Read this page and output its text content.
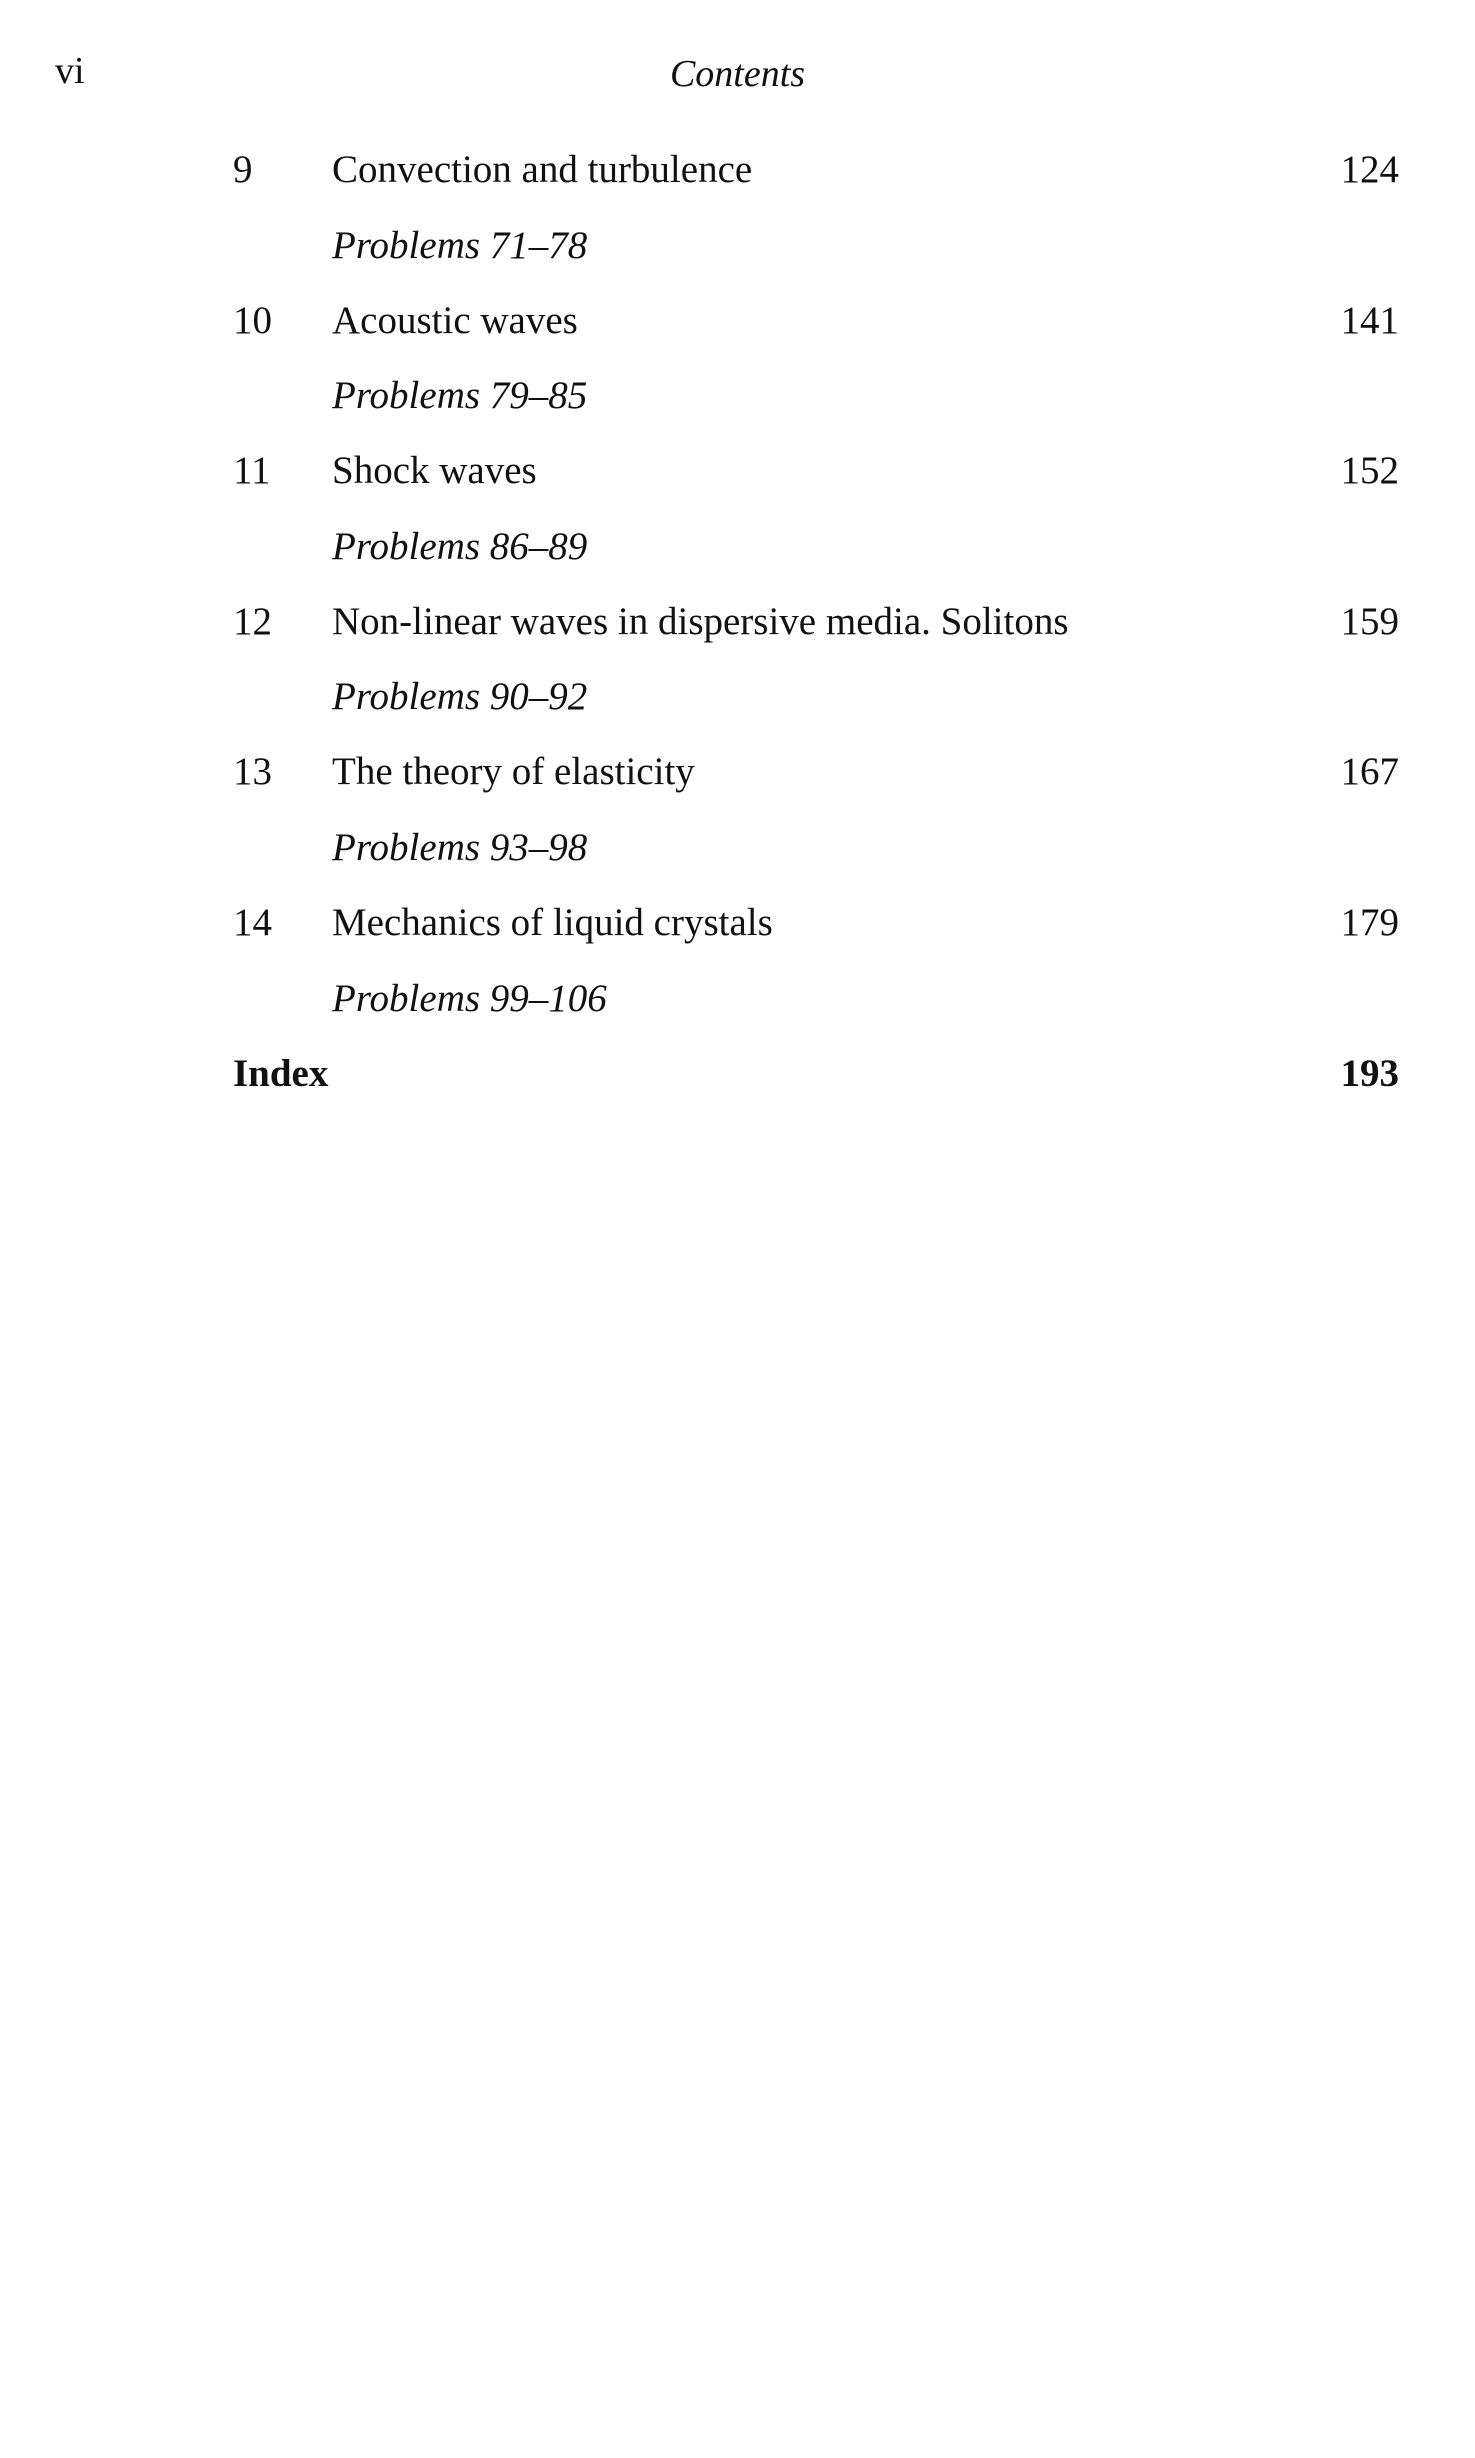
vi	Contents
9 Convection and turbulence	124
Problems 71–78
10 Acoustic waves	141
Problems 79–85
11 Shock waves	152
Problems 86–89
12 Non-linear waves in dispersive media. Solitons	159
Problems 90–92
13 The theory of elasticity	167
Problems 93–98
14 Mechanics of liquid crystals	179
Problems 99–106
Index	193
